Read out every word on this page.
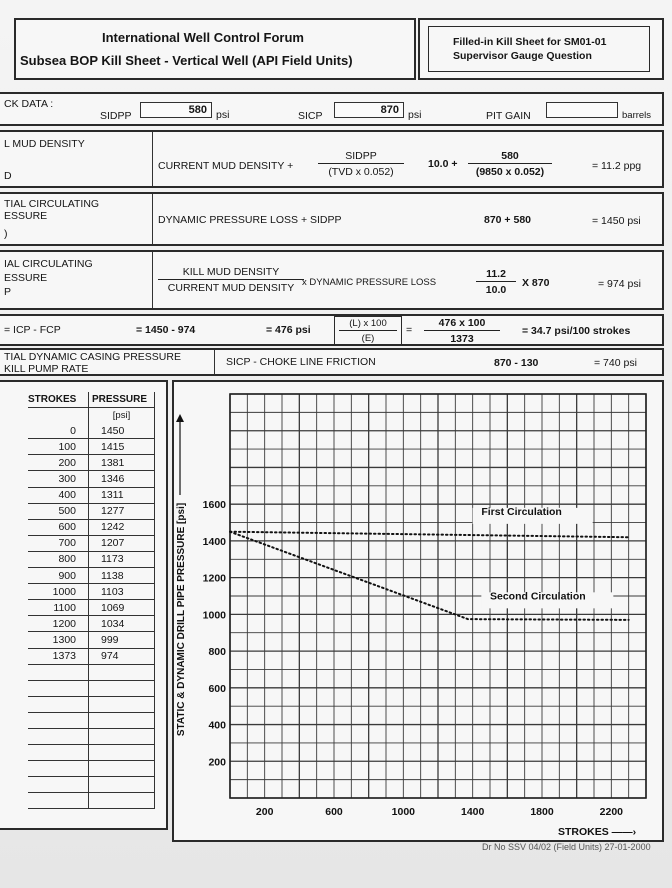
International Well Control Forum
Subsea BOP Kill Sheet - Vertical Well (API Field Units)
Filled-in Kill Sheet for SM01-01
Supervisor Gauge Question
CK DATA :
SIDPP	580 psi	SICP	870 psi	PIT GAIN	barrels
L MUD DENSITY
D
CURRENT MUD DENSITY +
SIDPP
(TVD x 0.052)
$10.0 + \frac{580}{(9850 x 0.052)}$	= 11.2 ppg
TIAL CIRCULATING
ESSURE
)
DYNAMIC PRESSURE LOSS + SIDPP	870 + 580	= 1450 psi
IAL CIRCULATING
ESSURE
P
KILL MUD DENSITY
CURRENT MUD DENSITY x DYNAMIC PRESSURE LOSS	$\frac{11.2}{10.0}$ X 870	= 974 psi
= ICP - FCP	= 1450 - 974	= 476 psi	$\frac{(L) x 100}{(E)} = \frac{476 x 100}{1373} = 34.7$ psi/100 strokes
TIAL DYNAMIC CASING PRESSURE
KILL PUMP RATE
SICP - CHOKE LINE FRICTION	870 - 130	= 740 psi
STROKES	PRESSURE
	[psi]
0	1450
100	1415
200	1381
300	1346
400	1311
500	1277
600	1242
700	1207
800	1173
900	1138
1000	1103
1100	1069
1200	1034
1300	999
1373	974

First Circulation
Second Circulation
1600
1400
1200
1000
800
600
400
200
200	600	1000	1400	1800	2200
STROKES ——›
STATIC & DYNAMIC DRILL PIPE PRESSURE [psi]
Dr No SSV 04/02 (Field Units) 27-01-2000
